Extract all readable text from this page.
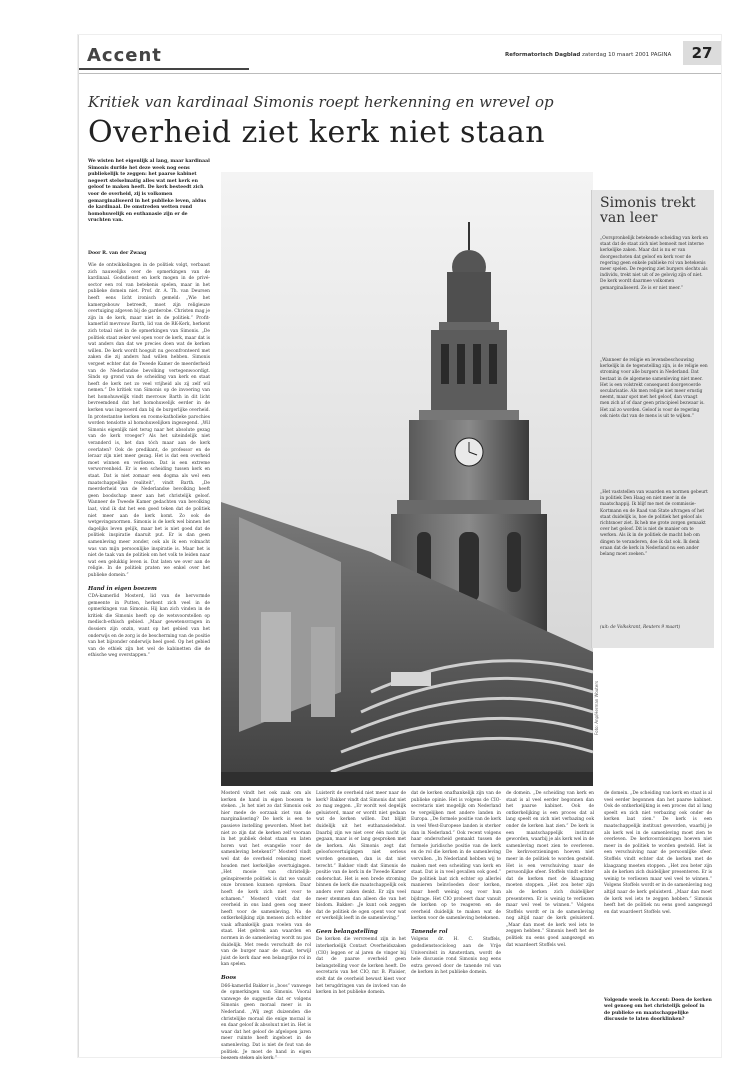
Accent	Reformatorisch Dagblad zaterdag 10 maart 2001 PAGINA	27
Kritiek van kardinaal Simonis roept herkenning en wrevel op
Overheid ziet kerk niet staan
We wisten het eigenlijk al lang, maar kardinaal Simonis durfde het deze week nog eens publiekelijk te zeggen: het paarse kabinet negeert stelselmatig alles wat met kerk en geloof te maken heeft. De kerk besteedt zich voor de overheid, zij is volkomen gemarginaliseerd in het publieke leven, aldus de kardinaal. De omstreden wetten rond homohuwelijk en euthanasie zijn er de vruchten van.
Door R. van der Zwaag

Wie de ontwikkelingen in de politiek volgt, verbaast zich nauwelijks over de opmerkingen van de kardinaal. Godsdienst en kerk mogen in de privé-sector een rol van betekenis spelen, maar in het publieke domein niet. Prof. dr. A. Th. van Deursen heeft eens licht ironisch gemeld: „Wie het kamergebouw betreedt, moet zijn religieuze overtuiging afgeven bij de garderobe. Christen mag je zijn in de kerk, maar niet in de politiek.” Profit-kamerlid mevrouw Barth, lid van de RK-Kerk, herkent zich totaal niet in de opmerkingen van Simonis. „De politiek staat zeker wel open voor de kerk, maar dat is wat anders dan dat we precies doen wat de kerken willen. De kerk wordt hooguit nu geconfronteerd met zaken die zij anders had willen hebben. Simonis vergeet echter dat de Tweede Kamer de meerderheid van de Nederlandse bevolking vertegenwoordigt. Sinds op grond van de scheiding van kerk en staat heeft de kerk net zo veel vrijheid als zij zelf wil nemen.” De kritiek van Simonis op de invoering van het homohuwelijk vindt mevrouw Barth in dit licht bevreemdend dat het homohuwelijk eerder in de kerken was ingevoerd dan bij de burgerlijke overheid. In protestantse kerken en rooms-katholieke parochies worden tenslotte al homohuwelijken ingezegend. „Wil Simonis eigenlijk niet terug naar het absolute gezag van de kerk vroeger? Als het uiteindelijk niet veranderd is, het dan tóch maar aan de kerk overlaten? Ook de predikant, de professor en de leraar zijn niet meer gezag. Het is dat een overheid moet winnen en verliezen. Dat is een extreme verworvenheid. Er is een scheiding tussen kerk en staat. Dat is niet zomaar een dogma als wel een maatschappelijke realiteit”, vindt Barth. „De meerderheid van de Nederlandse bevolking heeft geen boodschap meer aan het christelijk geloof. Wanneer de Tweede Kamer gedachten van bevolking laat, vind ik dat het een goed teken dat de politiek niet meer aan de kerk komt. Zo ook de wetgevingsnormen. Simonis is de kerk wel binnen het dagelijks leven gelijk, maar het is niet goed dat de politiek inspiratie daaruit put. Er is dan geen samenleving meer zonder, ook als ik een volmacht was van mijn persoonlijke inspiratie is. Maar het is niet de taak van de politiek om het volk te leiden naar wat een gelukkig leven is. Dat laten we over aan de religie. In de politiek praten we enkel over het publieke domein.”

Hand in eigen boezem

CDA-kamerlid Mosterd, lid van de hervormde gemeente in Putten, herkent zich veel in de opmerkingen van Simonis. Hij kan zich vinden in de kritiek die Simonis heeft op de wetsvoorstellen op medisch-ethisch gebied. „Maar gewetensvragen in dossiers zijn onzin, want op het gebied van het onderwijs en de zorg is de bescherming van de positie van het bijzonder onderwijs heel goed. Op het gebied van de ethiek zijn het wel de kabinetten die de ethische weg overstappen.”

Foto: Anp/Herman Wouters
Simonis trekt van leer
„Oorspronkelijk betekende scheiding van kerk en staat dat de staat zich niet bemoeit met interne kerkelijke zaken. Maar dat is nu er van doorgeschoten dat geloof en kerk voor de regering geen enkele publieke rol van betekenis meer spelen. De regering ziet burgers slechts als individu, trekt niet uit of ze gelovig zijn of niet. De kerk wordt daarmee volkomen gemarginaliseerd. Ze is er niet meer.”
„Wanneer de religie en levensbeschouwing kerkelijk in de tegenstelling zijn, is de religie een stroming voor alle burgers in Nederland. Dat bestaat in de algemene samenleving niet meer. Het is een volstrekt consequent doorgevoerde secularisatie. Als men religie niet meer ernstig neemt, maar spot met het geloof, dan vraagt men zich af of daar geen principieel bezwaar is. Het zal zo worden. Geloof is voor de regering ook niets dat van de mens is uit te wijken.”
„Het vaststellen van waarden en normen gebeurt in politiek Den Haag en niet meer in de maatschappij. Ik blijf me met de commissie-Kortmann en de Raad van State afvragen of het staat duidelijk is, hoe de politiek het geloof als richtsnoer ziet. Ik heb me grote zorgen gemaakt over het geloof. Dit is niet de manier om te werken. Als ik in de politiek de macht heb om dingen te veranderen, doe ik dat ook. Ik denk eraan dat de kerk in Nederland nu een ander belang moet zoeken.”
(uit: de Volkskrant, Reuters 9 maart)

Mosterd vindt het ook zaak om als kerken de hand in eigen boezem te steken. „Is het niet zo dat Simonis ook hier mede de oorzaak ziet van de marginalisering? De kerk is een te passieve instelling geworden. Moet het niet zo zijn dat de kerken zelf vooraan in het publiek debat staan en laten horen wat het evangelie voor de samenleving betekent?” Mosterd vindt wel dat de overheid rekening moet houden met kerkelijke overtuigingen. „Het mooie van christelijk-geïnspireerde politiek is dat we vanuit onze bronnen kunnen spreken. Daar hoeft de kerk zich niet voor te schamen.” Mosterd vindt dat de overheid in ons land geen oog meer heeft voor de samenleving. Na de ontkerkelijking zijn mensen zich echter vaak afhankelijk gaan voelen van de staat. Het gebrek aan waarden en normen in de samenleving wordt nu pas duidelijk. Met reeds verschuift de rol van de burger naar de staat, terwijl juist de kerk daar een belangrijke rol in kan spelen.

Boos

D66-kamerlid Bakker is „boos” vanwege de opmerkingen van Simonis. Vooral vanwege de suggestie dat er volgens Simonis geen moraal meer is in Nederland. „Wij zegt duizenden die christelijke moraal die enige moraal is en daar geloof ik absoluut niet in. Het is waar dat het geloof de afgelopen jaren meer ruimte heeft ingeboet in de samenleving. Dat is niet de fout van de politiek. Je moet de hand in eigen boezem steken als kerk.”

Luisterit de overheid niet meer naar de kerk? Bakker vindt dat Simonis dat niet zo mag zeggen. „Er wordt wel degelijk geluisterd, maar er wordt niet gedaan wat de kerken willen. Dat blijkt duidelijk uit het euthanasiedebat. Daarbij zijn we niet over één nacht ijs gegaan, maar is er lang gesproken met de kerken. Als Simonis zegt dat geloofsovertuigingen niet serieus worden genomen, dan is dat niet terecht.” Bakker vindt dat Simonis de positie van de kerk in de Tweede Kamer onderschat. Het is een brede stroming binnen de kerk die maatschappelijk ook anders over zaken denkt. Er zijn veel meer stemmen dan alleen die van het bisdom. Bakker: „Je kunt ook zeggen dat de politiek de ogen opent voor wat er werkelijk leeft in de samenleving.”

Geen belangstelling

De kerken die vervreemd zijn in het interkerkelijk Contact Overheidszaken (CIO) leggen er al jaren de vinger bij dat de paarse overheid geen belangstelling voor de kerken heeft. De secretaris van het CIO, mr. B. Plaisier, stelt dat de overheid bewust kiest voor het terugdringen van de invloed van de kerken in het publieke domein.

dat de kerken onafhankelijk zijn van de publieke opinie. Het is volgens de CIO-secretaris niet mogelijk om Nederland te vergelijken met andere landen in Europa. „De formele positie van de kerk in veel West-Europese landen is sterker dan in Nederland.” Ook recent volgens haar onderscheid gemaakt tussen de formele juridische positie van de kerk en de rol die kerken in de samenleving vervullen. „In Nederland hebben wij te maken met een scheiding van kerk en staat. Dat is in veel gevallen ook goed.” De politiek laat zich echter op allerlei manieren beïnvloeden door kerken, maar heeft weinig oog voor hun bijdrage. Het CIO probeert daar vanuit de kerken op te reageren en de overheid duidelijk te maken wat de kerken voor de samenleving betekenen.

Tanende rol

Volgens dr. H. C. Stoffels, godsdienstsocioloog aan de Vrije Universiteit in Amsterdam, wordt de hele discussie rond Simonis nog eens extra gevoed door de tanende rol van de kerken in het publieke domein.

de domein. „De scheiding van kerk en staat is al veel eerder begonnen dan het paarse kabinet. Ook de ontkerkelijking is een proces dat al lang speelt en zich niet verbazing ook onder de kerken laat zien.” De kerk is een maatschappelijk instituut geworden, waarbij je als kerk wel in de samenleving moet zien te overleven. De kerkvoorzieningen hoeven niet meer in de politiek te worden gesteld. Het is een verschuiving naar de persoonlijke sfeer. Stoffels vindt echter dat de kerken met de klaagzang moeten stoppen. „Het zou beter zijn als de kerken zich duidelijker presenteren. Er is weinig te verliezen maar wel veel te winnen.” Volgens Stoffels wordt er in de samenleving nog altijd naar de kerk geluisterd. „Maar dan moet de kerk wel iets te zeggen hebben.” Simonis heeft het de politiek nu eens goed aangezegd en dat waardeert Stoffels wel.

de domein. „De scheiding van kerk en staat is al veel eerder begonnen dan het paarse kabinet. Ook de ontkerkelijking is een proces dat al lang speelt en zich niet verbazing ook onder de kerken laat zien.” De kerk is een maatschappelijk instituut geworden, waarbij je als kerk wel in de samenleving moet zien te overleven. De kerkvoorzieningen hoeven niet meer in de politiek te worden gesteld. Het is een verschuiving naar de persoonlijke sfeer. Stoffels vindt echter dat de kerken met de klaagzang moeten stoppen. „Het zou beter zijn als de kerken zich duidelijker presenteren. Er is weinig te verliezen maar wel veel te winnen.” Volgens Stoffels wordt er in de samenleving nog altijd naar de kerk geluisterd. „Maar dan moet de kerk wel iets te zeggen hebben.” Simonis heeft het de politiek nu eens goed aangezegd en dat waardeert Stoffels wel.

Volgende week in Accent: Doen de kerken wel genoeg om het christelijk geloof in de publieke en maatschappelijke discussie te laten doorklinken?
